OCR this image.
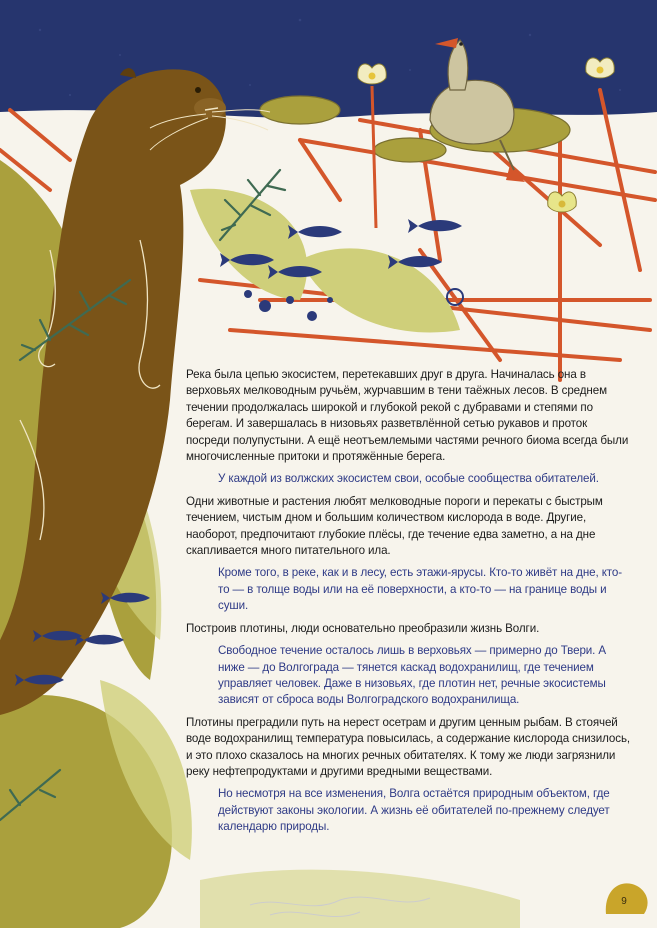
Река была цепью экосистем, перетекавших друг в друга. Начиналась она в верховьях мелководным ручьём, журчавшим в тени таёжных лесов. В среднем течении продолжалась широкой и глубокой рекой с дубравами и степями по берегам. И завершалась в низовьях разветвлённой сетью рукавов и проток посреди полупустыни. А ещё неотъемлемыми частями речного биома всегда были многочисленные притоки и протяжённые берега.

У каждой из волжских экосистем свои, особые сообщества обитателей.

Одни животные и растения любят мелководные пороги и перекаты с быстрым течением, чистым дном и большим количеством кислорода в воде. Другие, наоборот, предпочитают глубокие плёсы, где течение едва заметно, а на дне скапливается много питательного ила.

Кроме того, в реке, как и в лесу, есть этажи-ярусы. Кто-то живёт на дне, кто-то — в толще воды или на её поверхности, а кто-то — на границе воды и суши.

Построив плотины, люди основательно преобразили жизнь Волги.

Свободное течение осталось лишь в верховьях — примерно до Твери. А ниже — до Волгограда — тянется каскад водохранилищ, где течением управляет человек. Даже в низовьях, где плотин нет, речные экосистемы зависят от сброса воды Волгоградского водохранилища.

Плотины преградили путь на нерест осетрам и другим ценным рыбам. В стоячей воде водохранилищ температура повысилась, а содержание кислорода снизилось, и это плохо сказалось на многих речных обитателях. К тому же люди загрязнили реку нефтепродуктами и другими вредными веществами.

Но несмотря на все изменения, Волга остаётся природным объектом, где действуют законы экологии. А жизнь её обитателей по-прежнему следует календарю природы.

9
